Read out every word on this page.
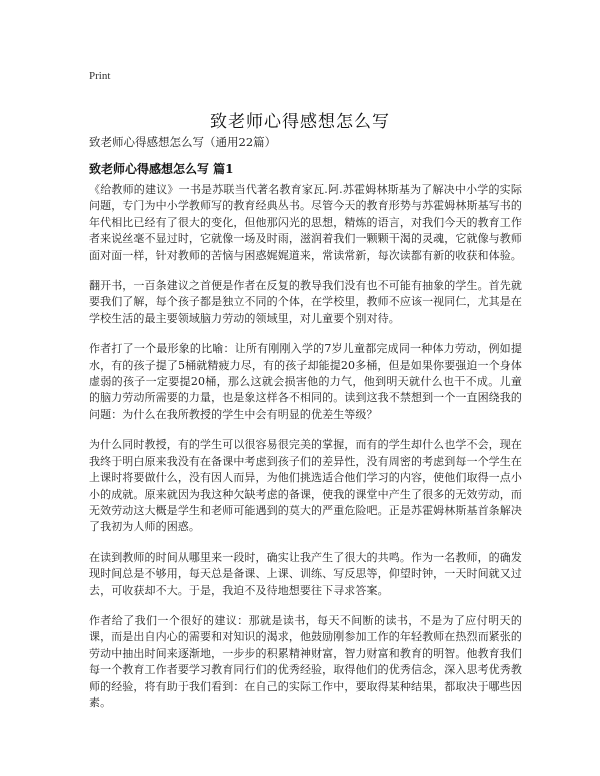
Print
致老师心得感想怎么写
致老师心得感想怎么写（通用22篇）
致老师心得感想怎么写 篇1

《给教师的建议》一书是苏联当代著名教育家瓦.阿.苏霍姆林斯基为了解决中小学的实际问题，专门为中小学教师写的教育经典丛书。尽管今天的教育形势与苏霍姆林斯基写书的年代相比已经有了很大的变化，但他那闪光的思想，精炼的语言，对我们今天的教育工作者来说丝毫不显过时，它就像一场及时雨，滋润着我们一颗颗干渴的灵魂，它就像与教师面对面一样，针对教师的苦恼与困惑娓娓道来，常读常新，每次读都有新的收获和体验。

翻开书，一百条建议之首便是作者在反复的教导我们没有也不可能有抽象的学生。首先就要我们了解，每个孩子都是独立不同的个体，在学校里，教师不应该一视同仁，尤其是在学校生活的最主要领域脑力劳动的领域里，对儿童要个别对待。

作者打了一个最形象的比喻：让所有刚刚入学的7岁儿童都完成同一种体力劳动，例如提水，有的孩子提了5桶就精疲力尽，有的孩子却能提20多桶，但是如果你要强迫一个身体虚弱的孩子一定要提20桶，那么这就会损害他的力气，他到明天就什么也干不成。儿童的脑力劳动所需要的力量，也是象这样各不相同的。读到这我不禁想到一个一直困绕我的问题：为什么在我所教授的学生中会有明显的优差生等级？

为什么同时教授，有的学生可以很容易很完美的掌握，而有的学生却什么也学不会，现在我终于明白原来我没有在备课中考虑到孩子们的差异性，没有周密的考虑到每一个学生在上课时将要做什么，没有因人而异，为他们挑选适合他们学习的内容，使他们取得一点小小的成就。原来就因为我这种欠缺考虑的备课，使我的课堂中产生了很多的无效劳动，而无效劳动这大概是学生和老师可能遇到的莫大的严重危险吧。正是苏霍姆林斯基首条解决了我初为人师的困惑。

在读到教师的时间从哪里来一段时，确实让我产生了很大的共鸣。作为一名教师，的确发现时间总是不够用，每天总是备课、上课、训练、写反思等，仰望时钟，一天时间就又过去，可收获却不大。于是，我迫不及待地想要往下寻求答案。

作者给了我们一个很好的建议：那就是读书，每天不间断的读书，不是为了应付明天的课，而是出自内心的需要和对知识的渴求，他鼓励刚参加工作的年轻教师在热烈而紧张的劳动中抽出时间来逐渐地，一步步的积累精神财富，智力财富和教育的明智。他教育我们每一个教育工作者要学习教育同行们的优秀经验，取得他们的优秀信念，深入思考优秀教师的经验，将有助于我们看到：在自己的实际工作中，要取得某种结果，都取决于哪些因素。
